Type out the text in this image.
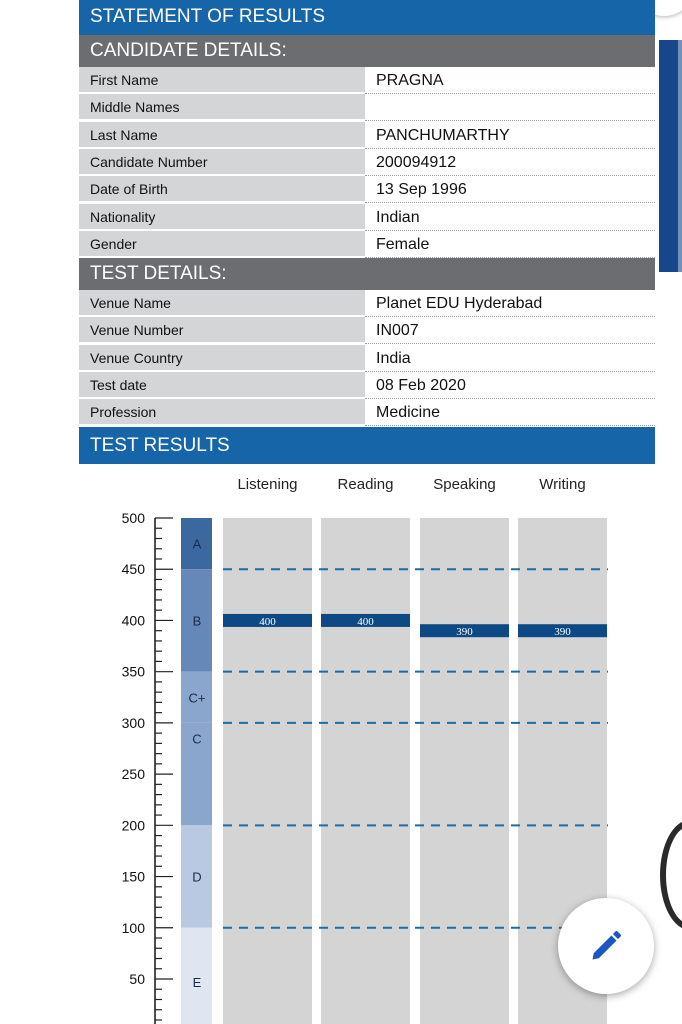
STATEMENT OF RESULTS
CANDIDATE DETAILS:
First Name	PRAGNA
Middle Names
Last Name	PANCHUMARTHY
Candidate Number	200094912
Date of Birth	13 Sep 1996
Nationality	Indian
Gender	Female
TEST DETAILS:
Venue Name	Planet EDU Hyderabad
Venue Number	IN007
Venue Country	India
Test date	08 Feb 2020
Profession	Medicine
TEST RESULTS
50
100
150
200
250
300
350
400
450
500
A
B
C+
C
D
E
Listening	Reading	Speaking	Writing
400	400
390	390
